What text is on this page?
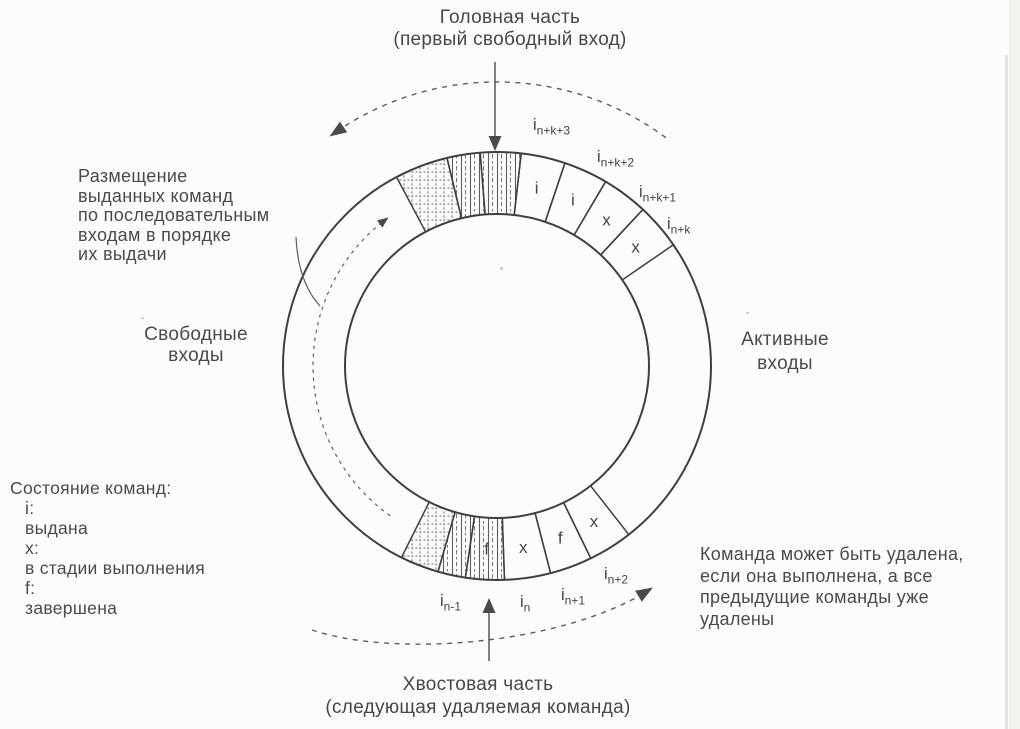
i
i
x
x
x
f
x
f
$i_{n+k+3}$
$i_{n+k+2}$
$i_{n+k+1}$
$i_{n+k}$
$i_{n+2}$
$i_{n+1}$
$i_n$
$i_{n-1}$
Головная часть
(первый свободный вход)
Размещение
выданных команд
по последовательным
входам в порядке
их выдачи
Свободные
входы
Активные
входы
Состояние команд:
i:
выдана
x:
в стадии выполнения
f:
завершена
Команда может быть удалена,
если она выполнена, а все
предыдущие команды уже
удалены
Хвостовая часть
(следующая удаляемая команда)
